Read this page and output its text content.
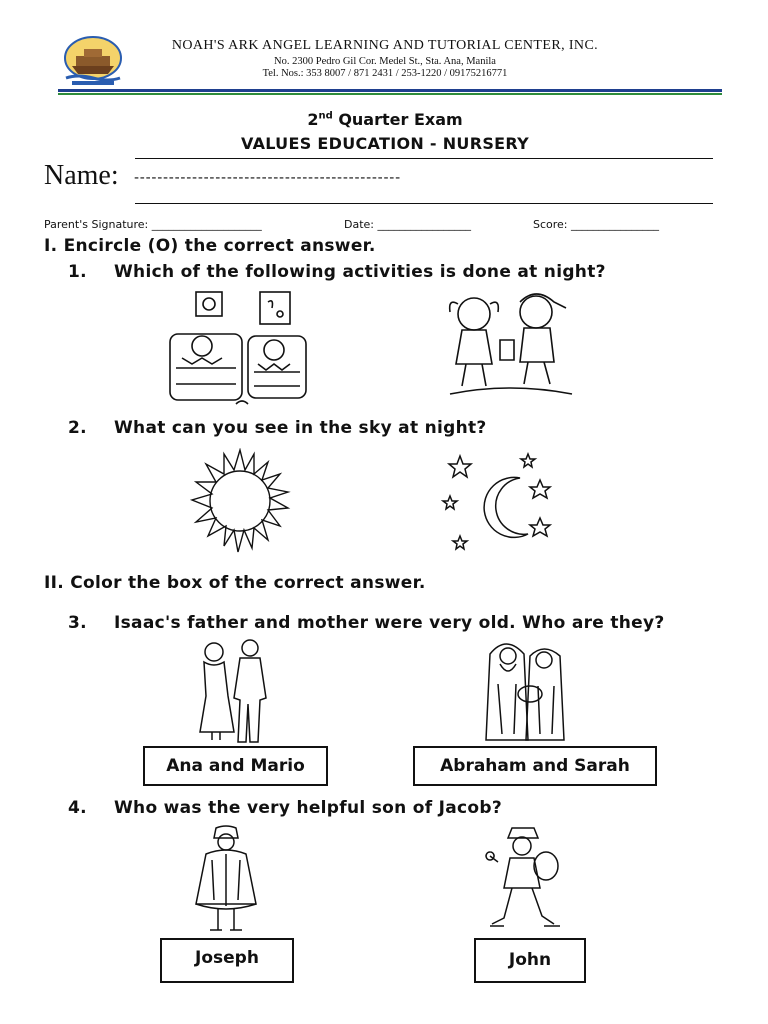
NOAH'S ARK ANGEL LEARNING AND TUTORIAL CENTER, INC.
No. 2300 Pedro Gil Cor. Medel St., Sta. Ana, Manila
Tel. Nos.: 353 8007 / 871 2431 / 253-1220 / 09175216771
2nd Quarter Exam
VALUES EDUCATION - NURSERY
Name: ----------------------------------------------
Parent's Signature: ____________________	Date: _________________	Score: ________________
I. Encircle (O) the correct answer.
1. Which of the following activities is done at night?
2. What can you see in the sky at night?
II. Color the box of the correct answer.
3. Isaac's father and mother were very old. Who are they?
Ana and Mario	Abraham and Sarah
4. Who was the very helpful son of Jacob?
Joseph	John
